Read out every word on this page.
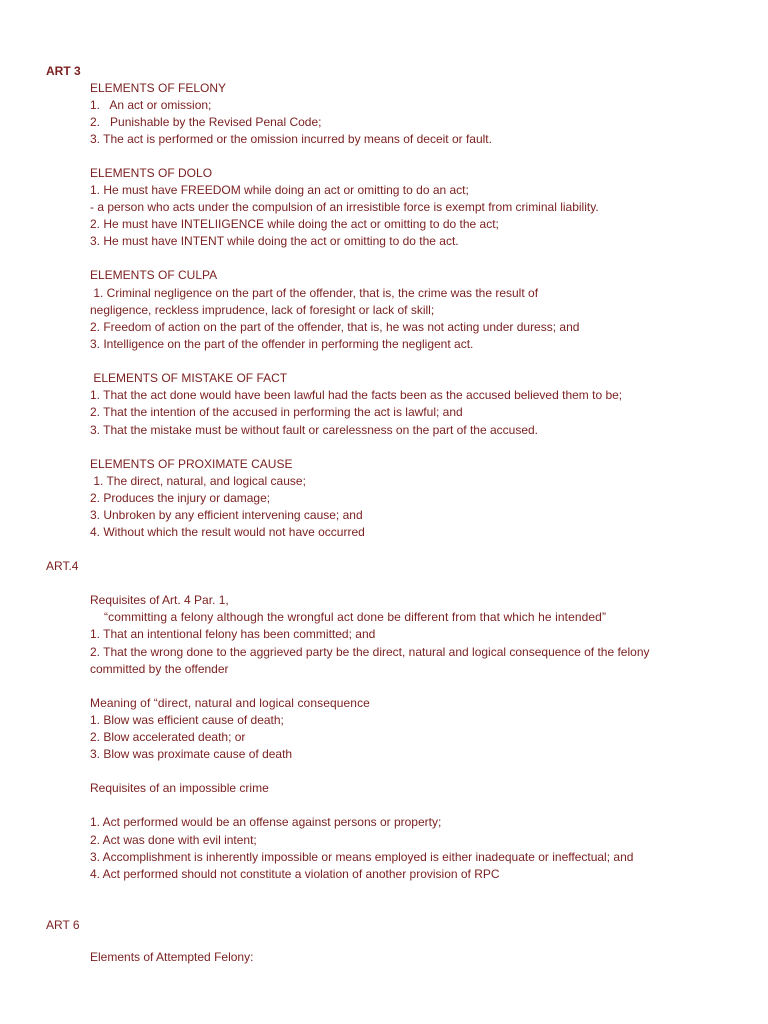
ART 3
ELEMENTS OF FELONY
1.   An act or omission;
2.   Punishable by the Revised Penal Code;
3. The act is performed or the omission incurred by means of deceit or fault.
ELEMENTS OF DOLO
1. He must have FREEDOM while doing an act or omitting to do an act;
- a person who acts under the compulsion of an irresistible force is exempt from criminal liability.
2. He must have INTELIIGENCE while doing the act or omitting to do the act;
3. He must have INTENT while doing the act or omitting to do the act.
ELEMENTS OF CULPA
1. Criminal negligence on the part of the offender, that is, the crime was the result of
negligence, reckless imprudence, lack of foresight or lack of skill;
2. Freedom of action on the part of the offender, that is, he was not acting under duress; and
3. Intelligence on the part of the offender in performing the negligent act.
ELEMENTS OF MISTAKE OF FACT
1. That the act done would have been lawful had the facts been as the accused believed them to be;
2. That the intention of the accused in performing the act is lawful; and
3. That the mistake must be without fault or carelessness on the part of the accused.
ELEMENTS OF PROXIMATE CAUSE
1. The direct, natural, and logical cause;
2. Produces the injury or damage;
3. Unbroken by any efficient intervening cause; and
4. Without which the result would not have occurred
ART.4
Requisites of Art. 4 Par. 1,
“committing a felony although the wrongful act done be different from that which he intended”
1. That an intentional felony has been committed; and
2. That the wrong done to the aggrieved party be the direct, natural and logical consequence of the felony
committed by the offender
Meaning of “direct, natural and logical consequence
1. Blow was efficient cause of death;
2. Blow accelerated death; or
3. Blow was proximate cause of death
Requisites of an impossible crime
1. Act performed would be an offense against persons or property;
2. Act was done with evil intent;
3. Accomplishment is inherently impossible or means employed is either inadequate or ineffectual; and
4. Act performed should not constitute a violation of another provision of RPC
ART 6
Elements of Attempted Felony:
